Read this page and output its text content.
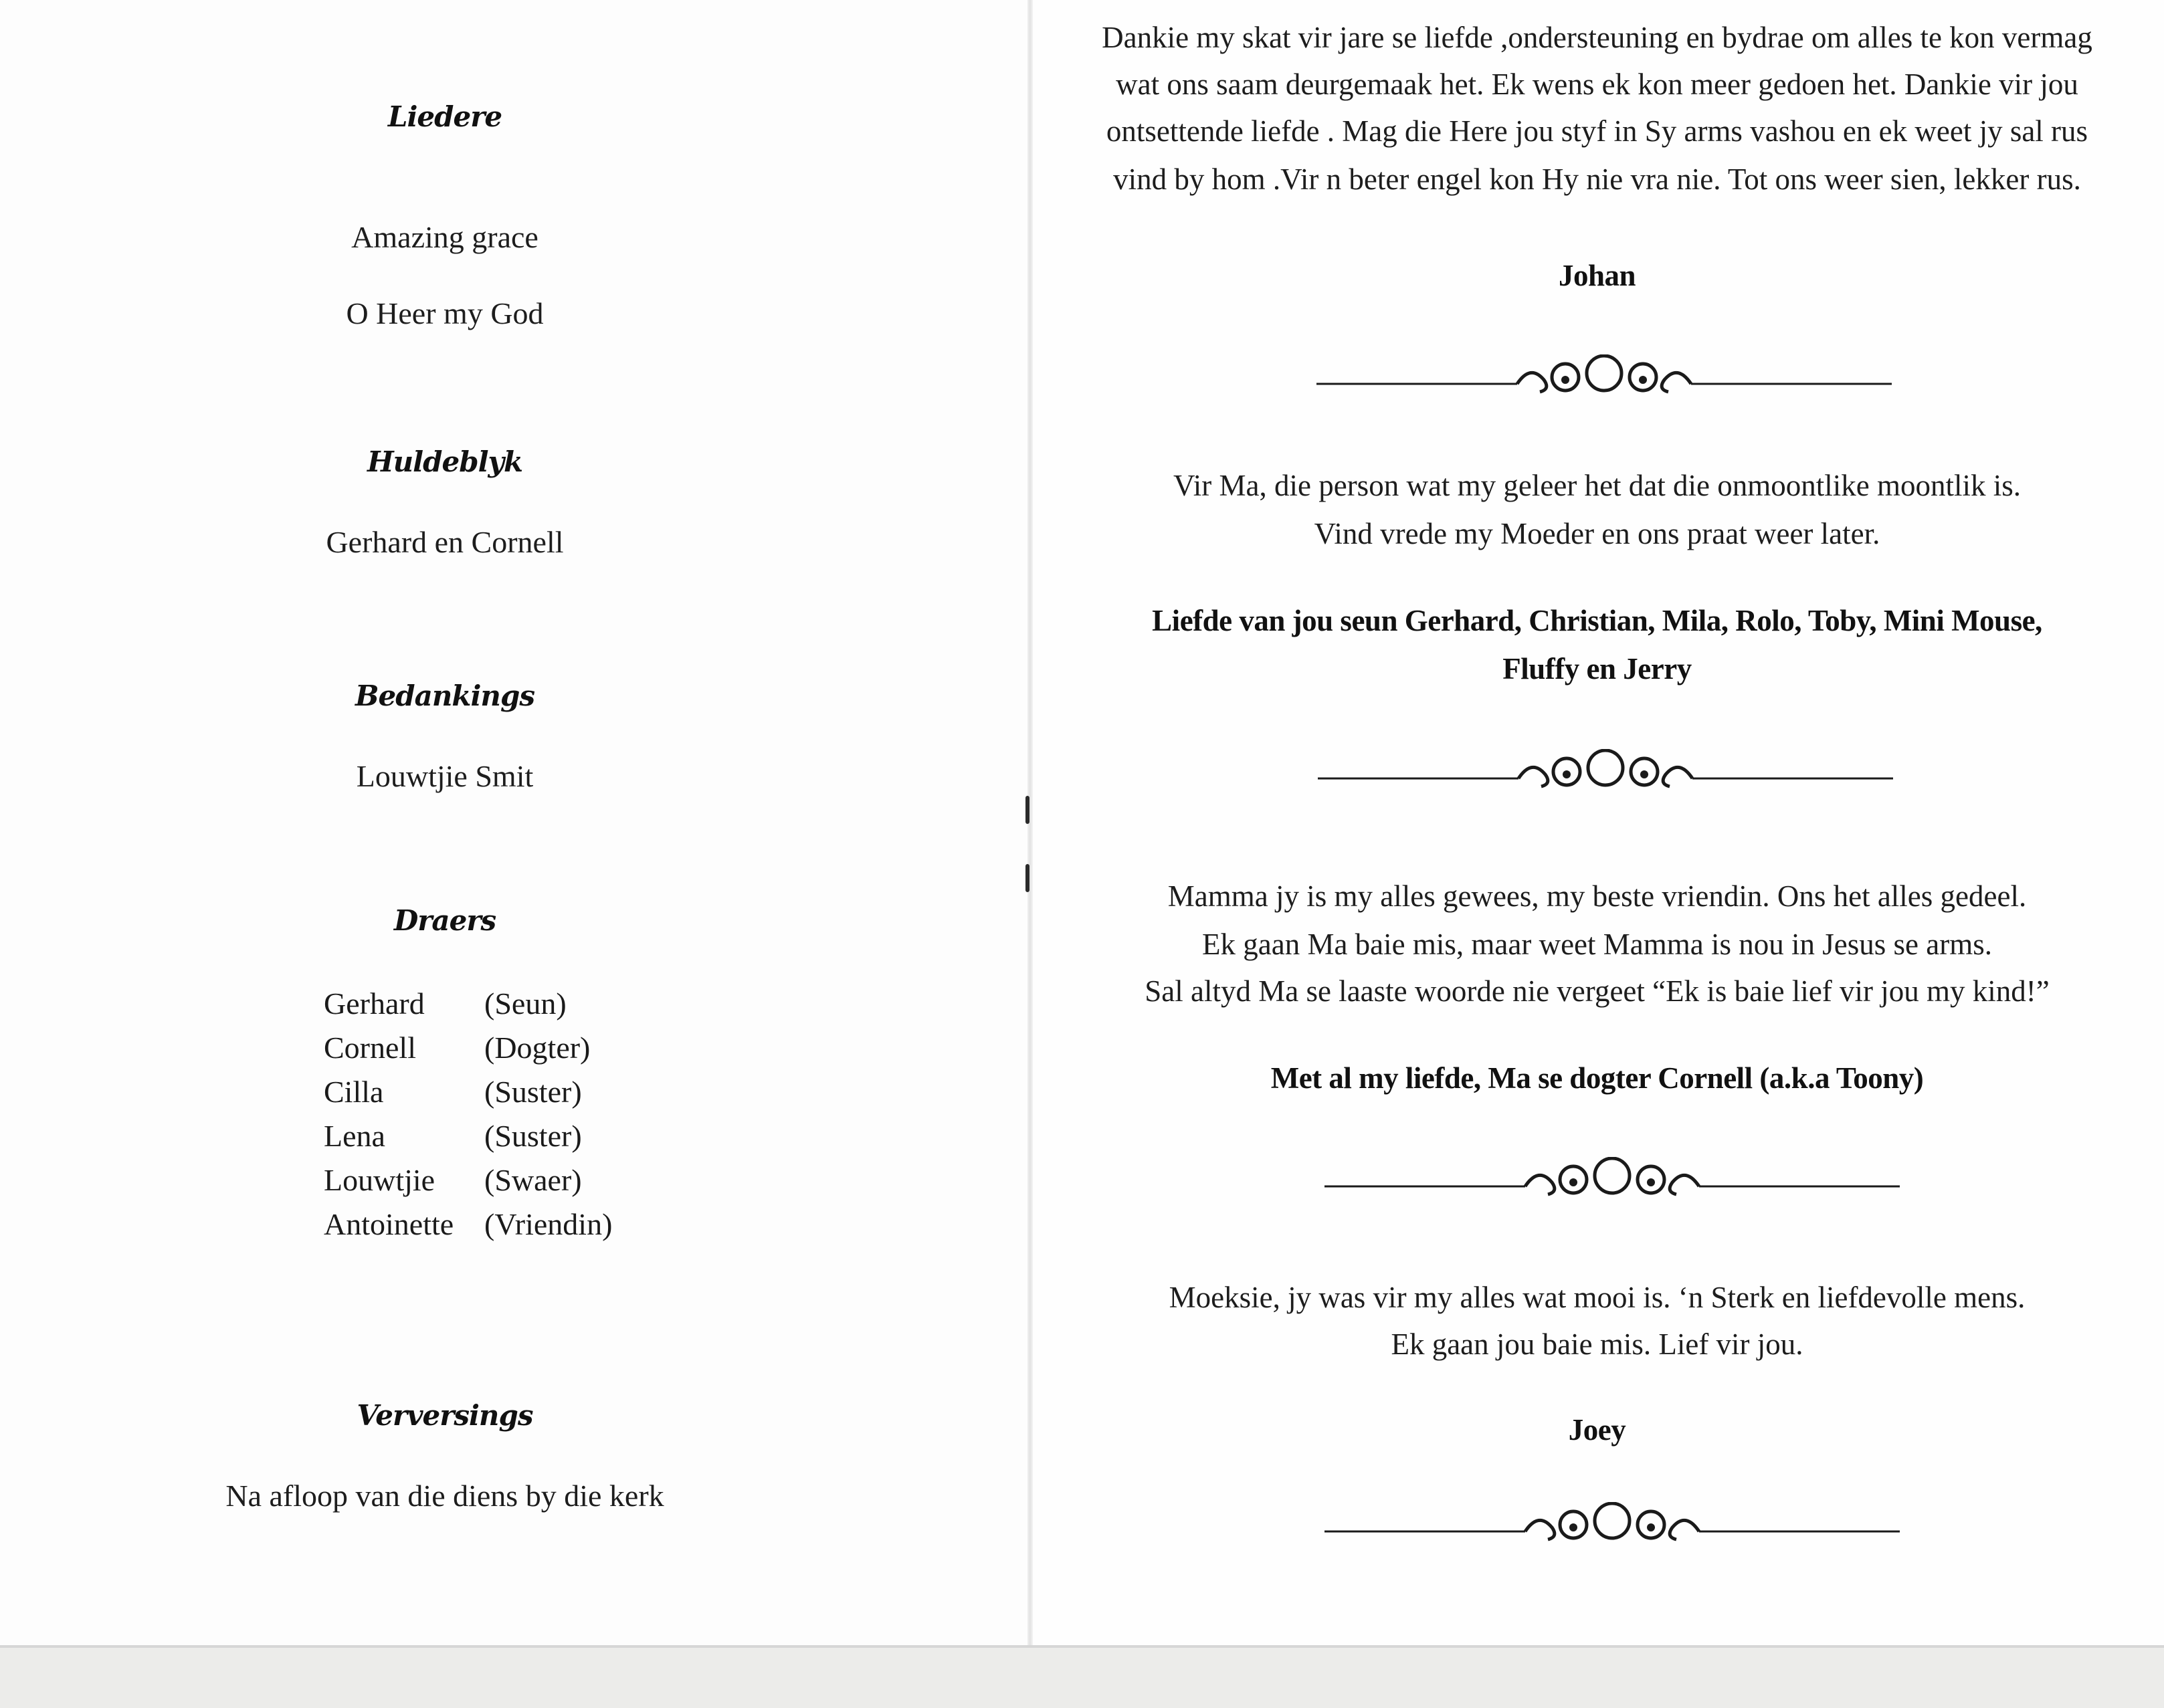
Liedere
Amazing grace
O Heer my God
Huldeblyk
Gerhard en Cornell
Bedankings
Louwtjie Smit
Draers
Gerhard	(Seun)
Cornell	(Dogter)
Cilla	(Suster)
Lena	(Suster)
Louwtjie	(Swaer)
Antoinette (Vriendin)
Verversings
Na afloop van die diens by die kerk
Dankie my skat vir jare se liefde ,ondersteuning en bydrae om alles te kon vermag
wat ons saam deurgemaak het. Ek wens ek kon meer gedoen het. Dankie vir jou
ontsettende liefde . Mag die Here jou styf in Sy arms vashou en ek weet jy sal rus
vind by hom .Vir n beter engel kon Hy nie vra nie. Tot ons weer sien, lekker rus.
Johan
Vir Ma, die person wat my geleer het dat die onmoontlike moontlik is.
Vind vrede my Moeder en ons praat weer later.
Liefde van jou seun Gerhard, Christian, Mila, Rolo, Toby, Mini Mouse,
Fluffy en Jerry
Mamma jy is my alles gewees, my beste vriendin. Ons het alles gedeel.
Ek gaan Ma baie mis, maar weet Mamma is nou in Jesus se arms.
Sal altyd Ma se laaste woorde nie vergeet “Ek is baie lief vir jou my kind!”
Met al my liefde, Ma se dogter Cornell (a.k.a Toony)
Moeksie, jy was vir my alles wat mooi is. ‘n Sterk en liefdevolle mens.
Ek gaan jou baie mis. Lief vir jou.
Joey
